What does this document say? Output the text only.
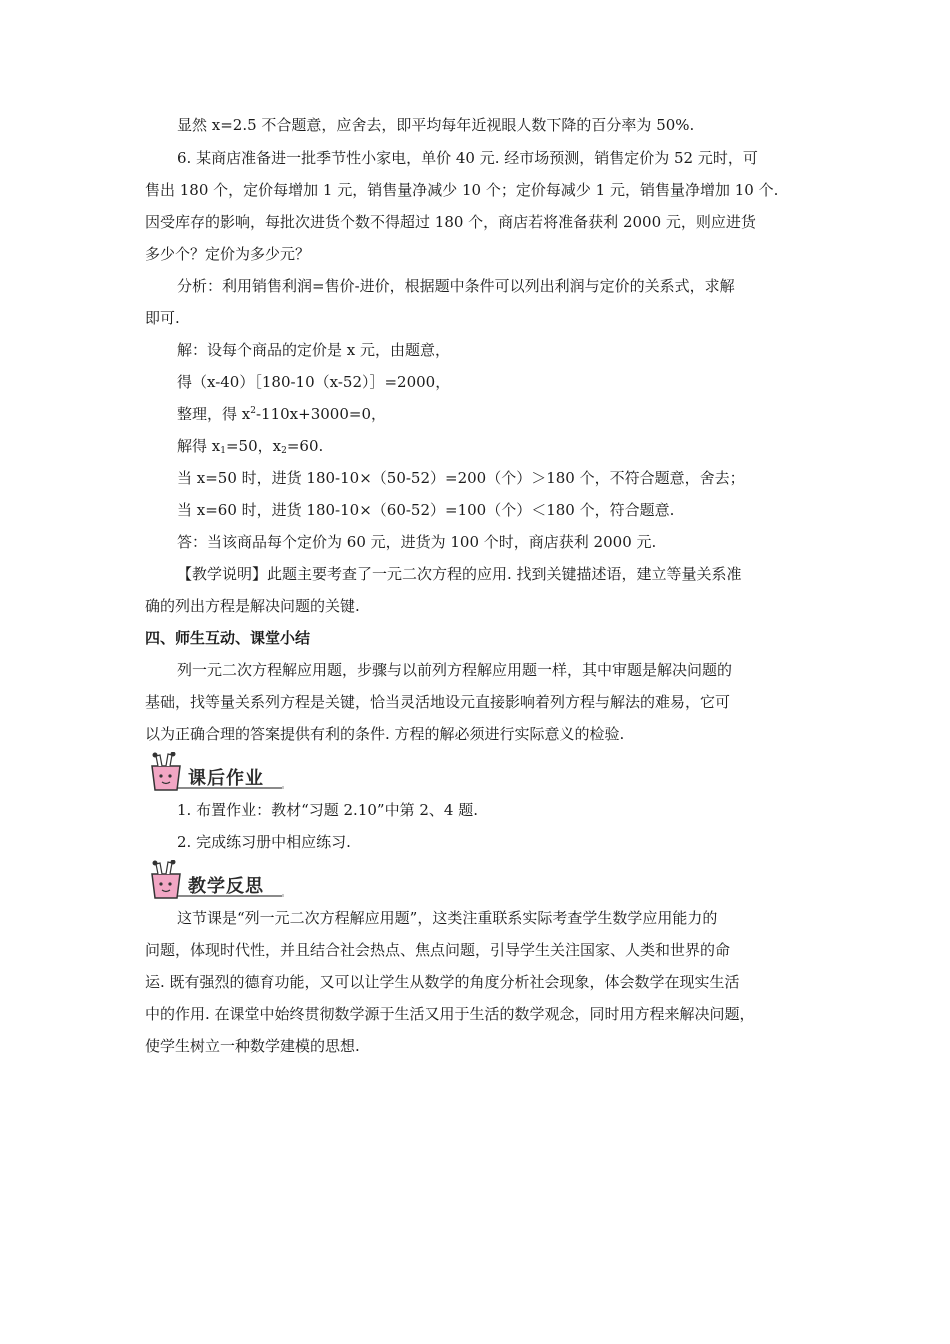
显然 x=2.5 不合题意，应舍去，即平均每年近视眼人数下降的百分率为 50%.
6. 某商店准备进一批季节性小家电，单价 40 元. 经市场预测，销售定价为 52 元时，可
售出 180 个，定价每增加 1 元，销售量净减少 10 个；定价每减少 1 元，销售量净增加 10 个.
因受库存的影响，每批次进货个数不得超过 180 个，商店若将准备获利 2000 元，则应进货
多少个？定价为多少元？
分析：利用销售利润=售价-进价，根据题中条件可以列出利润与定价的关系式，求解
即可.
解：设每个商品的定价是 x 元，由题意，
得（x-40）［180-10（x-52）］=2000，
整理，得 $x^2-110x+3000=0$，
解得 $x_1=50$，$x_2=60$.
当 x=50 时，进货 180-10×（50-52）=200（个）＞180 个，不符合题意，舍去；
当 x=60 时，进货 180-10×（60-52）=100（个）＜180 个，符合题意.
答：当该商品每个定价为 60 元，进货为 100 个时，商店获利 2000 元.
【教学说明】此题主要考查了一元二次方程的应用. 找到关键描述语，建立等量关系准
确的列出方程是解决问题的关键.
四、师生互动、课堂小结
列一元二次方程解应用题，步骤与以前列方程解应用题一样，其中审题是解决问题的
基础，找等量关系列方程是关键，恰当灵活地设元直接影响着列方程与解法的难易，它可
以为正确合理的答案提供有利的条件. 方程的解必须进行实际意义的检验.
课后作业
1. 布置作业：教材“习题 2.10”中第 2、4 题.
2. 完成练习册中相应练习.
教学反思
这节课是“列一元二次方程解应用题”，这类注重联系实际考查学生数学应用能力的
问题，体现时代性，并且结合社会热点、焦点问题，引导学生关注国家、人类和世界的命
运. 既有强烈的德育功能，又可以让学生从数学的角度分析社会现象，体会数学在现实生活
中的作用. 在课堂中始终贯彻数学源于生活又用于生活的数学观念，同时用方程来解决问题，
使学生树立一种数学建模的思想.
